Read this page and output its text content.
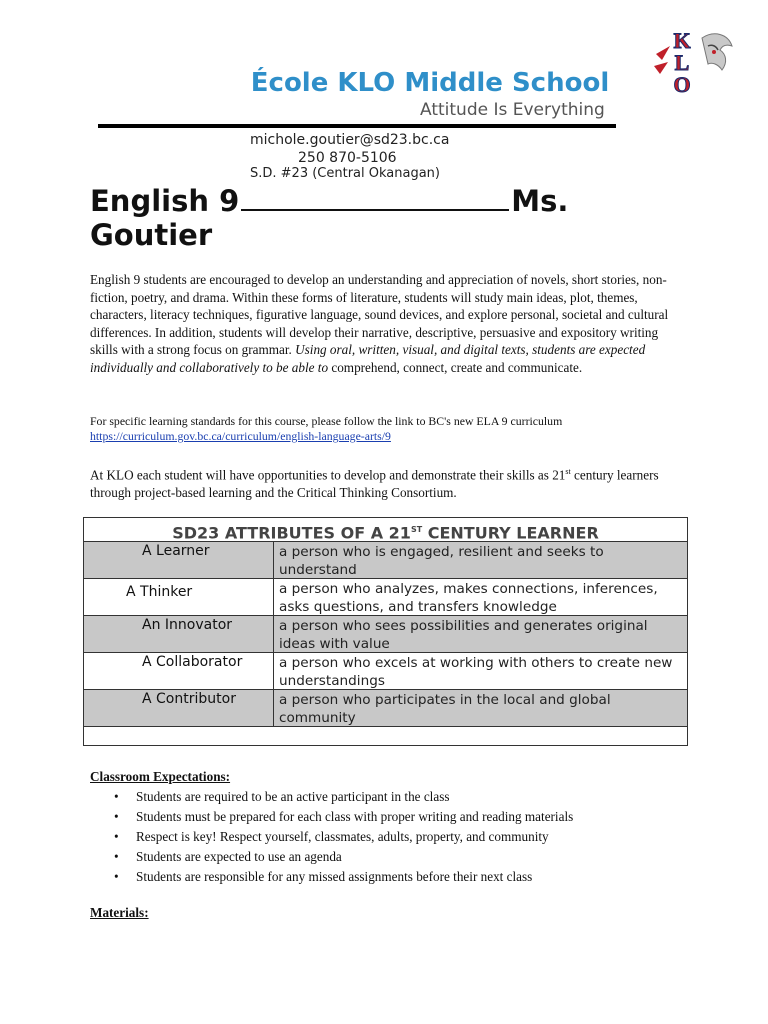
K
L
O
École KLO Middle School
Attitude Is Everything
michole.goutier@sd23.bc.ca
250 870-5106
S.D. #23 (Central Okanagan)
English 9	Ms.
Goutier
English 9 students are encouraged to develop an understanding and appreciation of novels, short stories, non-fiction, poetry, and drama. Within these forms of literature, students will study main ideas, plot, themes, characters, literacy techniques, figurative language, sound devices, and explore personal, societal and cultural differences. In addition, students will develop their narrative, descriptive, persuasive and expository writing skills with a strong focus on grammar. Using oral, written, visual, and digital texts, students are expected individually and collaboratively to be able to comprehend, connect, create and communicate.
For specific learning standards for this course, please follow the link to BC's new ELA 9 curriculum
https://curriculum.gov.bc.ca/curriculum/english-language-arts/9
At KLO each student will have opportunities to develop and demonstrate their skills as 21st century learners through project-based learning and the Critical Thinking Consortium.
SD23 ATTRIBUTES OF A 21ST CENTURY LEARNER
A Learner	a person who is engaged, resilient and seeks to understand
A Thinker	a person who analyzes, makes connections, inferences, asks questions, and transfers knowledge
An Innovator	a person who sees possibilities and generates original ideas with value
A Collaborator	a person who excels at working with others to create new understandings
A Contributor	a person who participates in the local and global community
Classroom Expectations:
• Students are required to be an active participant in the class
• Students must be prepared for each class with proper writing and reading materials
• Respect is key! Respect yourself, classmates, adults, property, and community
• Students are expected to use an agenda
• Students are responsible for any missed assignments before their next class
Materials:
